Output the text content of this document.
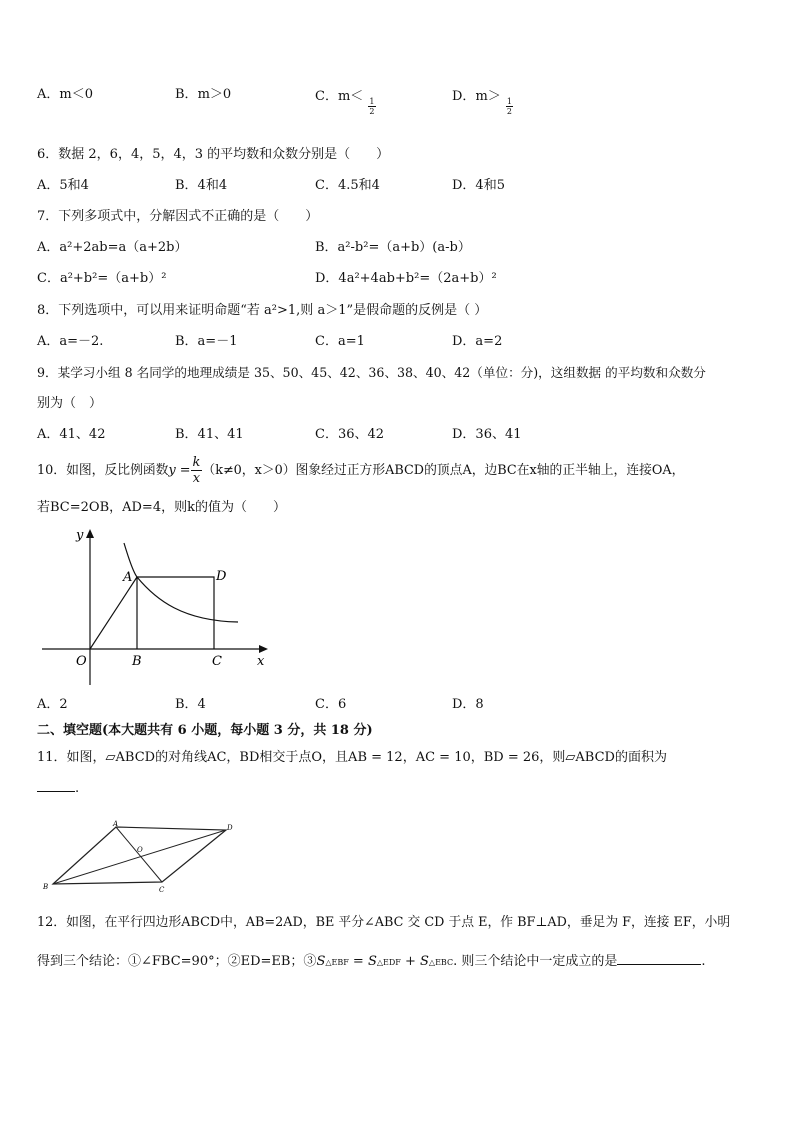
A．m＜0	B．m＞0	C．m＜
$\frac{1}{2}$
D．m＞
$\frac{1}{2}$
6．数据 2，6，4，5，4，3 的平均数和众数分别是（　　）
A．5和4	B．4和4	C．4.5和4	D．4和5
7．下列多项式中，分解因式不正确的是（　　）
A．a²+2ab=a（a+2b）	B．a²-b²=（a+b）(a-b）
C．a²+b²=（a+b）²	D．4a²+4ab+b²=（2a+b）²
8．下列选项中，可以用来证明命题“若 a²>1,则 a＞1”是假命题的反例是（ ）
A．a=－2.	B．a=－1	C．a=1	D．a=2
9．某学习小组 8 名同学的地理成绩是 35、50、45、42、36、38、40、42（单位：分)，这组数据 的平均数和众数分
别为（　）
A．41、42	B．41、41	C．36、42	D．36、41
10．如图，反比例函数$y = \frac{k}{x} (k\ne 0$，x＞0）图象经过正方形ABCD的顶点A，边BC在x轴的正半轴上，连接OA，
若BC=2OB，AD=4，则k的值为（　　）
y
O
A
B	C
D
x
A．2	B．4	C．6	D．8
二、填空题(本大题共有 6 小题，每小题 3 分，共 18 分)
11．如图，▱ABCD的对角线AC，BD相交于点O，且AB = 12，AC = 10，BD = 26，则▱ABCD的面积为
.
A
B	C
D
O
12．如图，在平行四边形ABCD中，AB=2AD，BE 平分∠ABC 交 CD 于点 E，作 BF⊥AD，垂足为 F，连接 EF，小明
得到三个结论：①∠FBC=90°；②ED=EB；③S△EBF = S△EDF + S△EBC. 则三个结论中一定成立的是	.
